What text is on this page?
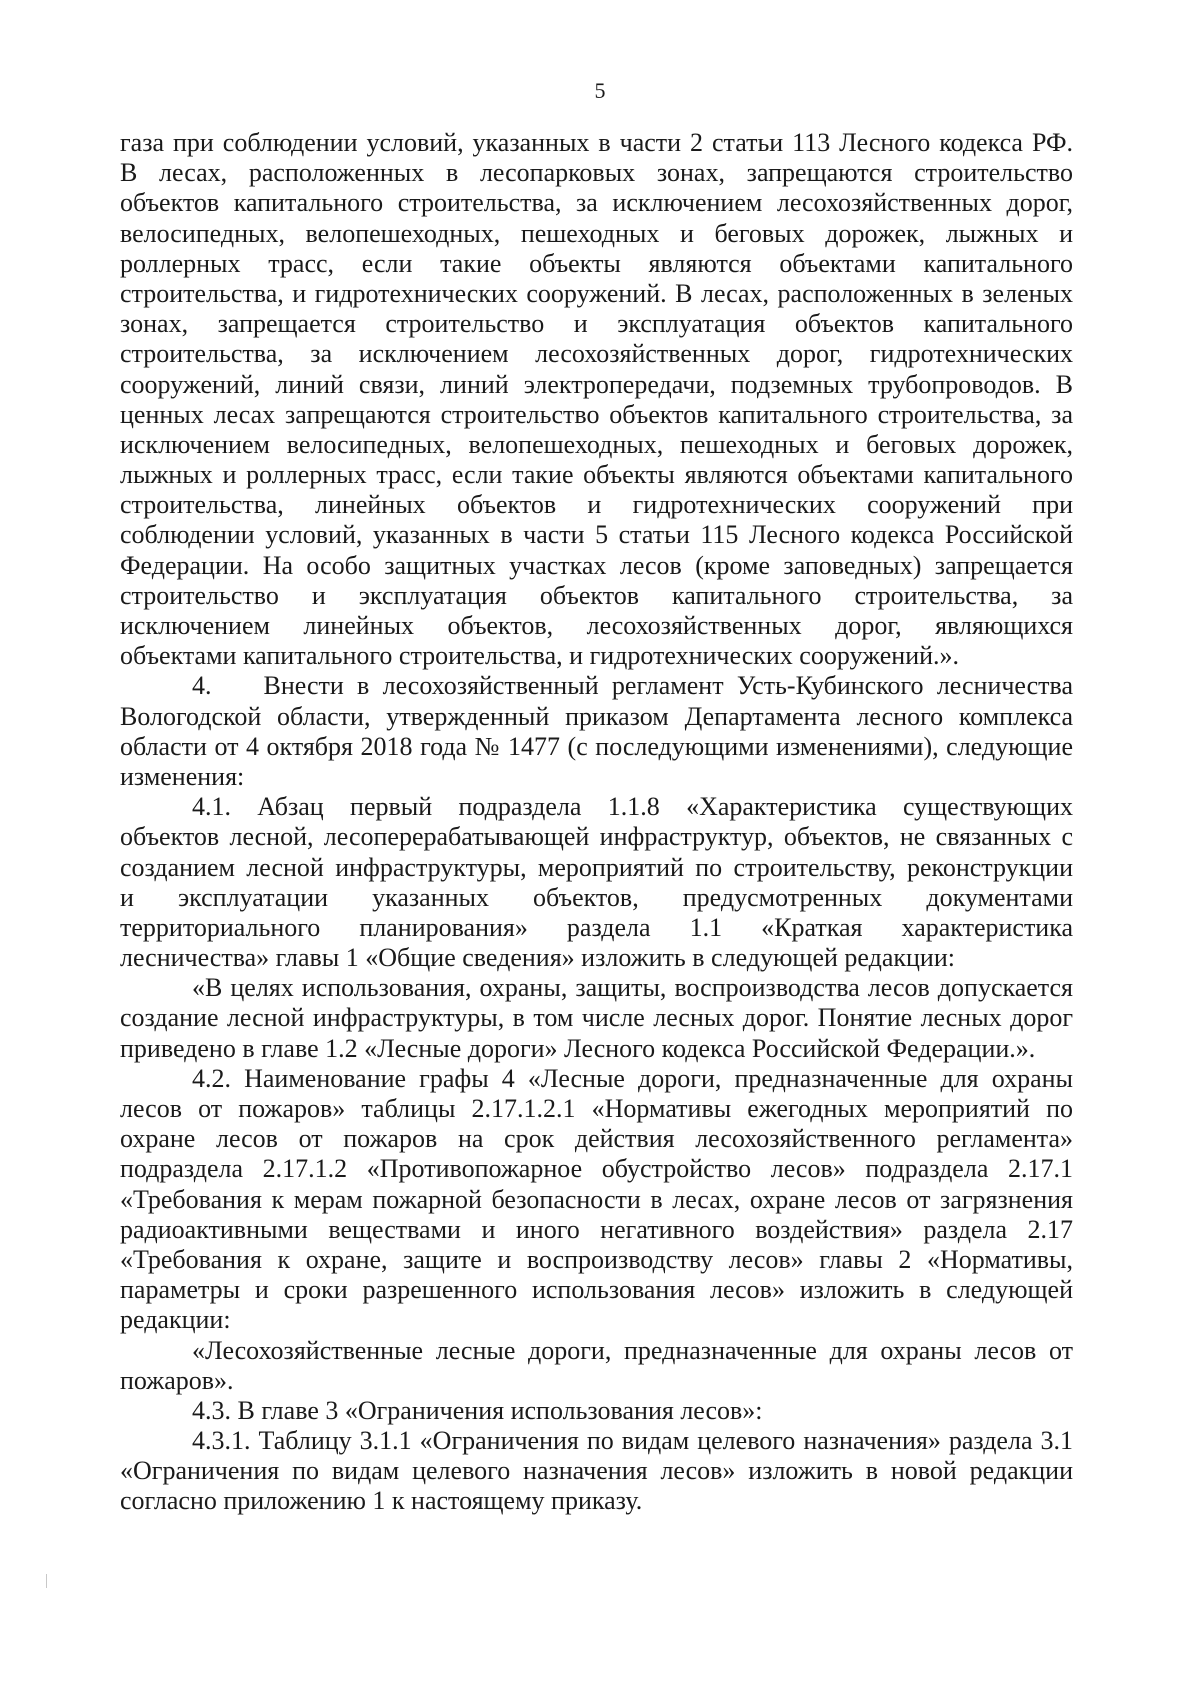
5
газа при соблюдении условий, указанных в части 2 статьи 113 Лесного кодекса РФ.
В лесах, расположенных в лесопарковых зонах, запрещаются строительство
объектов капитального строительства, за исключением лесохозяйственных дорог,
велосипедных, велопешеходных, пешеходных и беговых дорожек, лыжных и
роллерных трасс, если такие объекты являются объектами капитального
строительства, и гидротехнических сооружений. В лесах, расположенных в зеленых
зонах, запрещается строительство и эксплуатация объектов капитального
строительства, за исключением лесохозяйственных дорог, гидротехнических
сооружений, линий связи, линий электропередачи, подземных трубопроводов. В
ценных лесах запрещаются строительство объектов капитального строительства, за
исключением велосипедных, велопешеходных, пешеходных и беговых дорожек,
лыжных и роллерных трасс, если такие объекты являются объектами капитального
строительства, линейных объектов и гидротехнических сооружений при
соблюдении условий, указанных в части 5 статьи 115 Лесного кодекса Российской
Федерации. На особо защитных участках лесов (кроме заповедных) запрещается
строительство и эксплуатация объектов капитального строительства, за
исключением линейных объектов, лесохозяйственных дорог, являющихся
объектами капитального строительства, и гидротехнических сооружений.».
4.  Внести в лесохозяйственный регламент Усть-Кубинского лесничества
Вологодской области, утвержденный приказом Департамента лесного комплекса
области от 4 октября 2018 года № 1477 (с последующими изменениями), следующие
изменения:
4.1. Абзац первый подраздела 1.1.8 «Характеристика существующих
объектов лесной, лесоперерабатывающей инфраструктур, объектов, не связанных с
созданием лесной инфраструктуры, мероприятий по строительству, реконструкции
и эксплуатации указанных объектов, предусмотренных документами
территориального планирования» раздела 1.1 «Краткая характеристика
лесничества» главы 1 «Общие сведения» изложить в следующей редакции:
«В целях использования, охраны, защиты, воспроизводства лесов допускается
создание лесной инфраструктуры, в том числе лесных дорог. Понятие лесных дорог
приведено в главе 1.2 «Лесные дороги» Лесного кодекса Российской Федерации.».
4.2. Наименование графы 4 «Лесные дороги, предназначенные для охраны
лесов от пожаров» таблицы 2.17.1.2.1 «Нормативы ежегодных мероприятий по
охране лесов от пожаров на срок действия лесохозяйственного регламента»
подраздела 2.17.1.2 «Противопожарное обустройство лесов» подраздела 2.17.1
«Требования к мерам пожарной безопасности в лесах, охране лесов от загрязнения
радиоактивными веществами и иного негативного воздействия» раздела 2.17
«Требования к охране, защите и воспроизводству лесов» главы 2 «Нормативы,
параметры и сроки разрешенного использования лесов» изложить в следующей
редакции:
«Лесохозяйственные лесные дороги, предназначенные для охраны лесов от
пожаров».
4.3. В главе 3 «Ограничения использования лесов»:
4.3.1. Таблицу 3.1.1 «Ограничения по видам целевого назначения» раздела 3.1
«Ограничения по видам целевого назначения лесов» изложить в новой редакции
согласно приложению 1 к настоящему приказу.
